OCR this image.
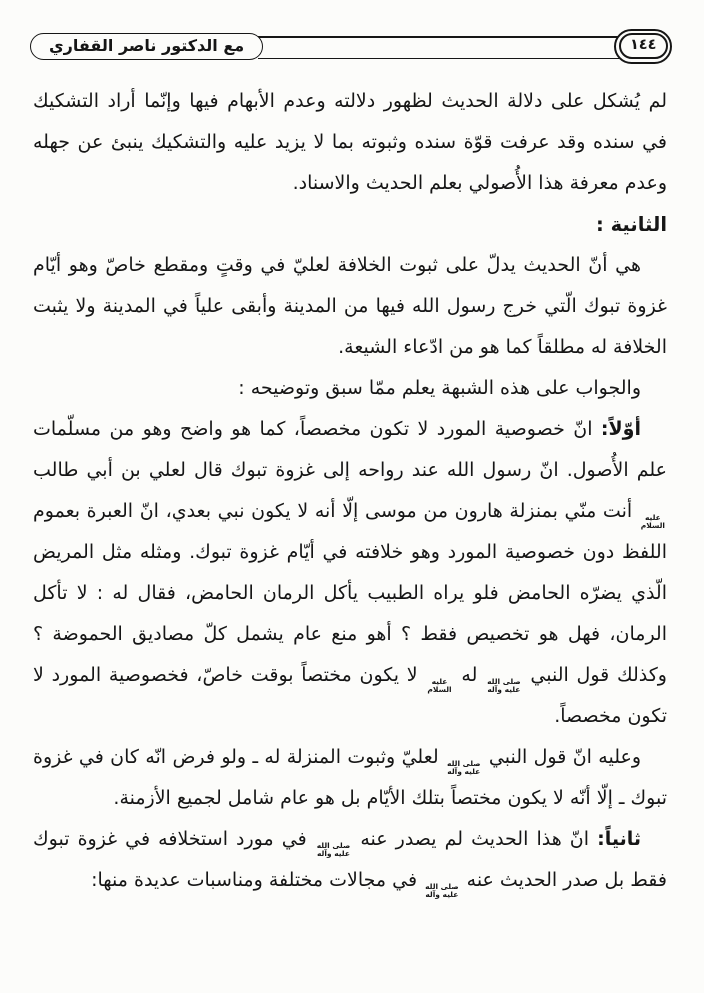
١٤٤
مع الدكتور ناصر القفاري

لم يُشكل على دلالة الحديث لظهور دلالته وعدم الأبهام فيها وإنّما أراد التشكيك في سنده وقد عرفت قوّة سنده وثبوته بما لا يزيد عليه والتشكيك ينبئ عن جهله وعدم معرفة هذا الأُصولي بعلم الحديث والاسناد.

الثانية :

هي أنّ الحديث يدلّ على ثبوت الخلافة لعليّ في وقتٍ ومقطع خاصّ وهو أيّام غزوة تبوك الّتي خرج رسول الله فيها من المدينة وأبقى علياً في المدينة ولا يثبت الخلافة له مطلقاً كما هو من ادّعاء الشيعة.

والجواب على هذه الشبهة يعلم ممّا سبق وتوضيحه :

أوّلاً: انّ خصوصية المورد لا تكون مخصصاً، كما هو واضح وهو من مسلّمات علم الأُصول. انّ رسول الله عند رواحه إلى غزوة تبوك قال لعلي بن أبي طالب
عليه
السلام
أنت منّي بمنزلة هارون من موسى إلّا أنه لا يكون نبي بعدي، انّ العبرة بعموم اللفظ دون خصوصية المورد وهو خلافته في أيّام غزوة تبوك. ومثله مثل المريض الّذي يضرّه الحامض فلو يراه الطبيب يأكل الرمان الحامض، فقال له : لا تأكل الرمان، فهل هو تخصيص فقط ؟ أهو منع عام يشمل كلّ مصاديق الحموضة ؟ وكذلك قول النبي
صلى الله
عليه وآله
له
عليه
السلام
لا يكون مختصاً بوقت خاصّ، فخصوصية المورد لا تكون مخصصاً.

وعليه انّ قول النبي
صلى الله
عليه وآله
لعليّ وثبوت المنزلة له ـ ولو فرض انّه كان في غزوة تبوك ـ إلّا أنّه لا يكون مختصاً بتلك الأيّام بل هو عام شامل لجميع الأزمنة.

ثانياً: انّ هذا الحديث لم يصدر عنه
صلى الله
عليه وآله
في مورد استخلافه في غزوة تبوك فقط بل صدر الحديث عنه
صلى الله
عليه وآله
في مجالات مختلفة ومناسبات عديدة منها:
